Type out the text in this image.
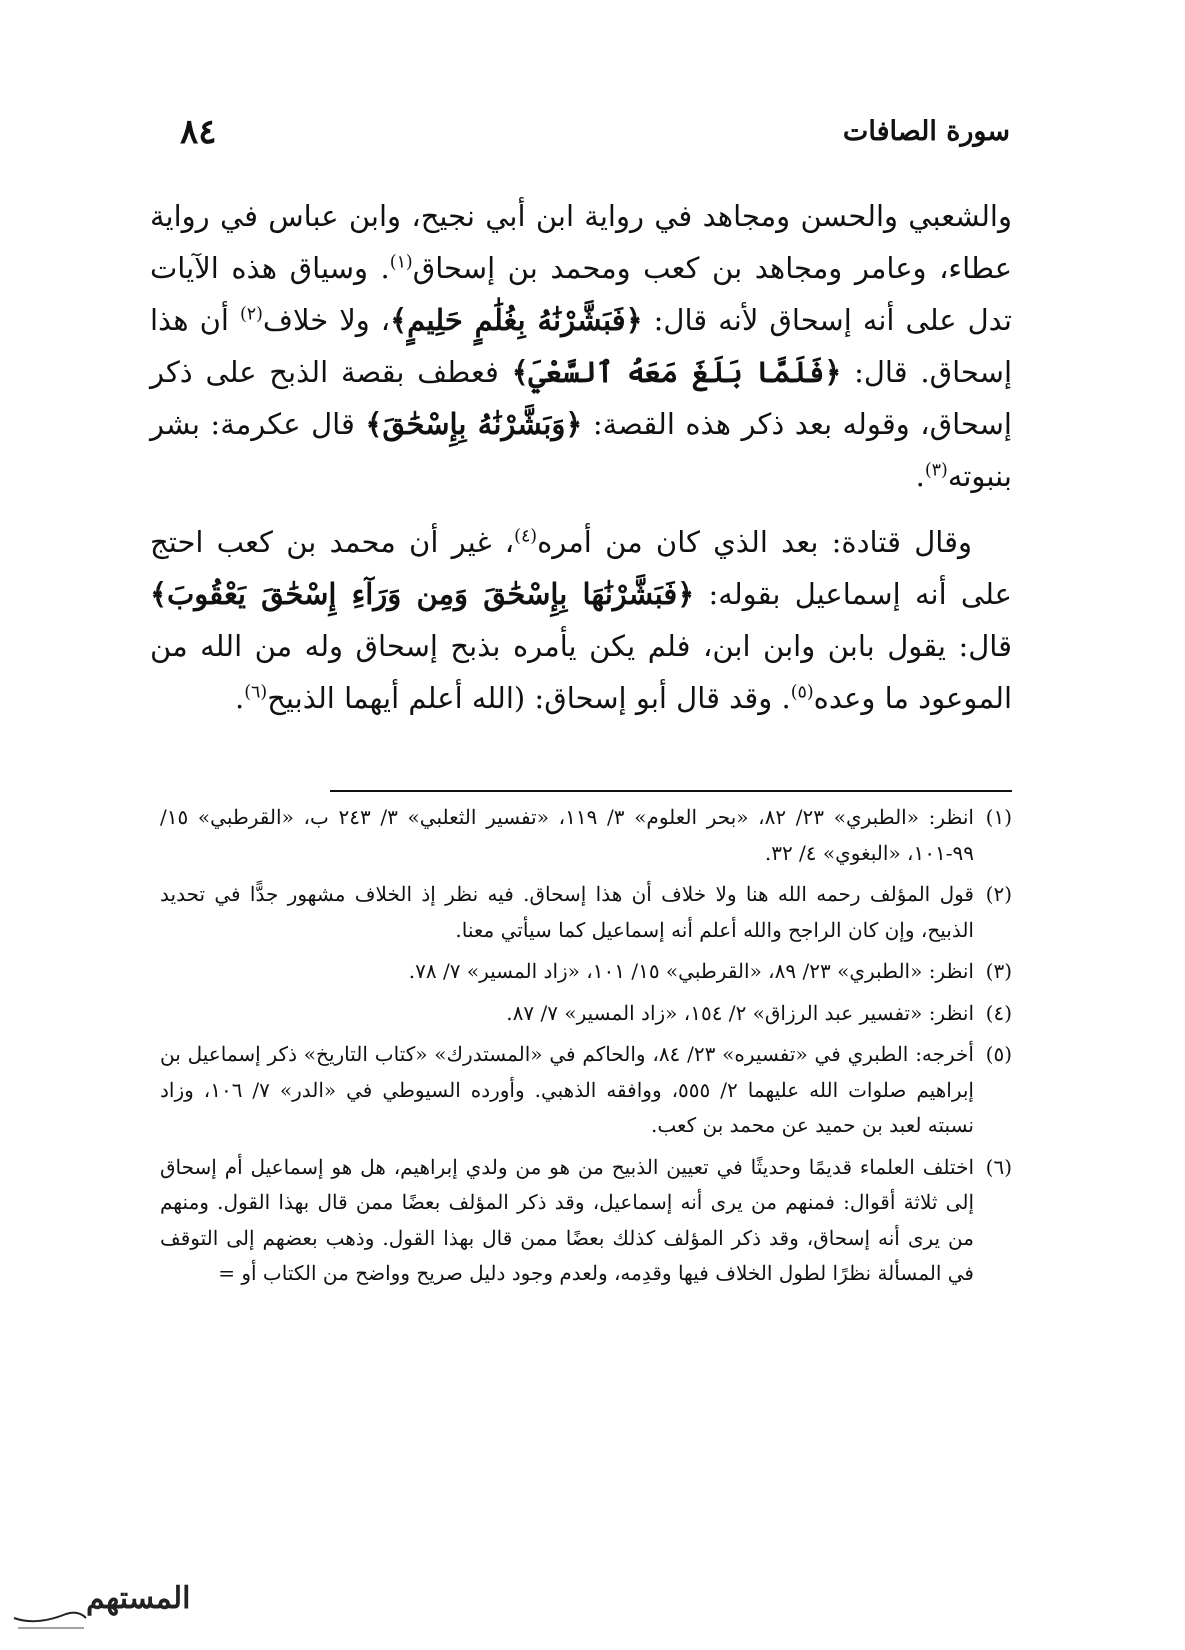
سورة الصافات
٨٤

والشعبي والحسن ومجاهد في رواية ابن أبي نجيح، وابن عباس في رواية عطاء، وعامر ومجاهد بن كعب ومحمد بن إسحاق$^{(١)}$. وسياق هذه الآيات تدل على أنه إسحاق لأنه قال: ﴿فَبَشَّرْنَٰهُ بِغُلَٰمٍ حَلِيمٍ﴾، ولا خلاف$^{(٢)}$ أن هذا إسحاق. قال: ﴿فَلَمَّا بَلَغَ مَعَهُ ٱلسَّعْيَ﴾ فعطف بقصة الذبح على ذكر إسحاق، وقوله بعد ذكر هذه القصة: ﴿وَبَشَّرْنَٰهُ بِإِسْحَٰقَ﴾ قال عكرمة: بشر بنبوته$^{(٣)}$.

وقال قتادة: بعد الذي كان من أمره$^{(٤)}$، غير أن محمد بن كعب احتج على أنه إسماعيل بقوله: ﴿فَبَشَّرْنَٰهَا بِإِسْحَٰقَ وَمِن وَرَآءِ إِسْحَٰقَ يَعْقُوبَ﴾ قال: يقول بابن وابن ابن، فلم يكن يأمره بذبح إسحاق وله من الله من الموعود ما وعده$^{(٥)}$. وقد قال أبو إسحاق: (الله أعلم أيهما الذبيح$^{(٦)}$.

(١)
انظر: «الطبري» ٢٣/ ٨٢، «بحر العلوم» ٣/ ١١٩، «تفسير الثعلبي» ٣/ ٢٤٣ ب، «القرطبي» ١٥/ ٩٩-١٠١، «البغوي» ٤/ ٣٢.
(٢)
قول المؤلف رحمه الله هنا ولا خلاف أن هذا إسحاق. فيه نظر إذ الخلاف مشهور جدًّا في تحديد الذبيح، وإن كان الراجح والله أعلم أنه إسماعيل كما سيأتي معنا.
(٣)
انظر: «الطبري» ٢٣/ ٨٩، «القرطبي» ١٥/ ١٠١، «زاد المسير» ٧/ ٧٨.
(٤)
انظر: «تفسير عبد الرزاق» ٢/ ١٥٤، «زاد المسير» ٧/ ٨٧.
(٥)
أخرجه: الطبري في «تفسيره» ٢٣/ ٨٤، والحاكم في «المستدرك» «كتاب التاريخ» ذكر إسماعيل بن إبراهيم صلوات الله عليهما ٢/ ٥٥٥، ووافقه الذهبي. وأورده السيوطي في «الدر» ٧/ ١٠٦، وزاد نسبته لعبد بن حميد عن محمد بن كعب.
(٦)
اختلف العلماء قديمًا وحديثًا في تعيين الذبيح من هو من ولدي إبراهيم، هل هو إسماعيل أم إسحاق إلى ثلاثة أقوال: فمنهم من يرى أنه إسماعيل، وقد ذكر المؤلف بعضًا ممن قال بهذا القول. ومنهم من يرى أنه إسحاق، وقد ذكر المؤلف كذلك بعضًا ممن قال بهذا القول. وذهب بعضهم إلى التوقف في المسألة نظرًا لطول الخلاف فيها وقدِمه، ولعدم وجود دليل صريح وواضح من الكتاب أو =
المستهم
